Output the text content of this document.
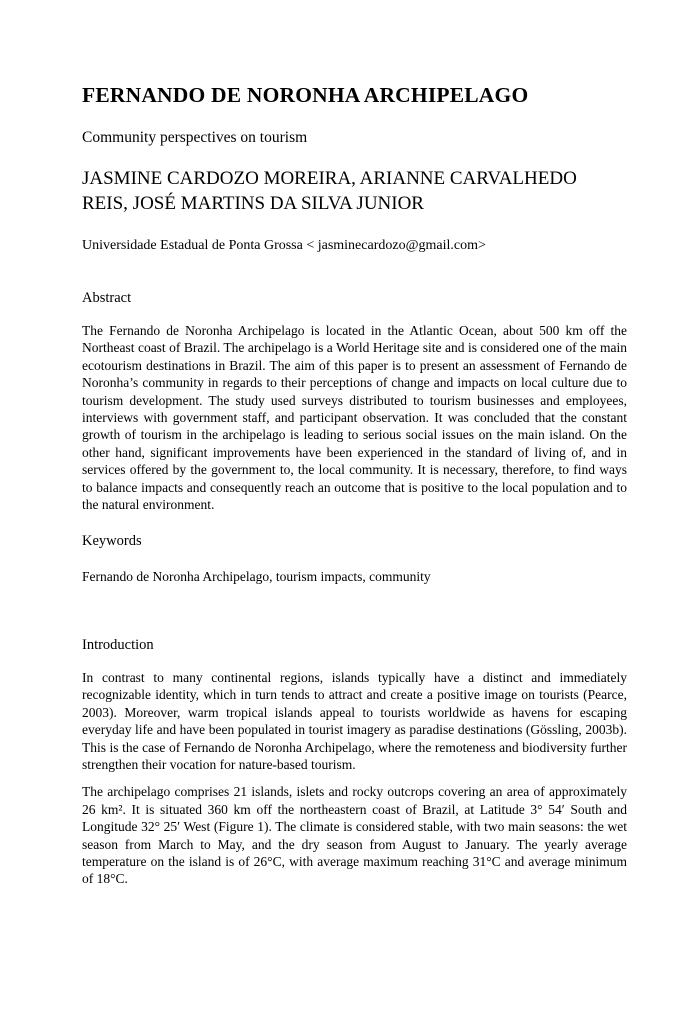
FERNANDO DE NORONHA ARCHIPELAGO

Community perspectives on tourism

JASMINE CARDOZO MOREIRA, ARIANNE CARVALHEDO REIS, JOSÉ MARTINS DA SILVA JUNIOR

Universidade Estadual de Ponta Grossa < jasminecardozo@gmail.com>

Abstract

The Fernando de Noronha Archipelago is located in the Atlantic Ocean, about 500 km off the Northeast coast of Brazil. The archipelago is a World Heritage site and is considered one of the main ecotourism destinations in Brazil. The aim of this paper is to present an assessment of Fernando de Noronha’s community in regards to their perceptions of change and impacts on local culture due to tourism development. The study used surveys distributed to tourism businesses and employees, interviews with government staff, and participant observation. It was concluded that the constant growth of tourism in the archipelago is leading to serious social issues on the main island. On the other hand, significant improvements have been experienced in the standard of living of, and in services offered by the government to, the local community. It is necessary, therefore, to find ways to balance impacts and consequently reach an outcome that is positive to the local population and to the natural environment.

Keywords

Fernando de Noronha Archipelago, tourism impacts, community

Introduction

In contrast to many continental regions, islands typically have a distinct and immediately recognizable identity, which in turn tends to attract and create a positive image on tourists (Pearce, 2003). Moreover, warm tropical islands appeal to tourists worldwide as havens for escaping everyday life and have been populated in tourist imagery as paradise destinations (Gössling, 2003b). This is the case of Fernando de Noronha Archipelago, where the remoteness and biodiversity further strengthen their vocation for nature-based tourism.

The archipelago comprises 21 islands, islets and rocky outcrops covering an area of approximately 26 km². It is situated 360 km off the northeastern coast of Brazil, at Latitude 3° 54′ South and Longitude 32° 25′ West (Figure 1). The climate is considered stable, with two main seasons: the wet season from March to May, and the dry season from August to January. The yearly average temperature on the island is of 26°C, with average maximum reaching 31°C and average minimum of 18°C.
